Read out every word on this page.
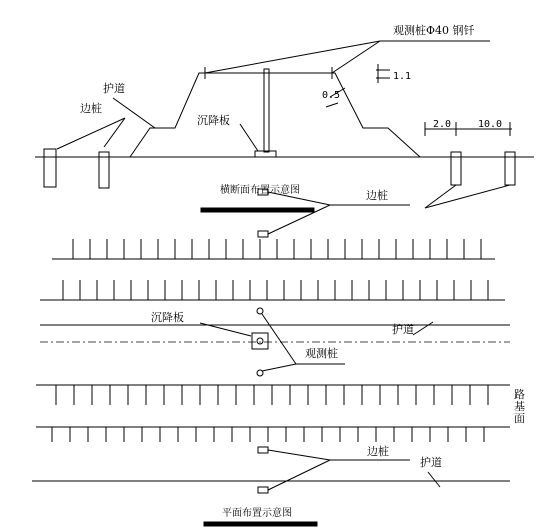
观测桩Φ40 钢钎
护道
边桩
沉降板
边桩
1.1
0.5
2.0	10.0
横断面布置示意图
沉降板
护道
观测桩
边桩
护道
平面布置示意图
路
基
面
